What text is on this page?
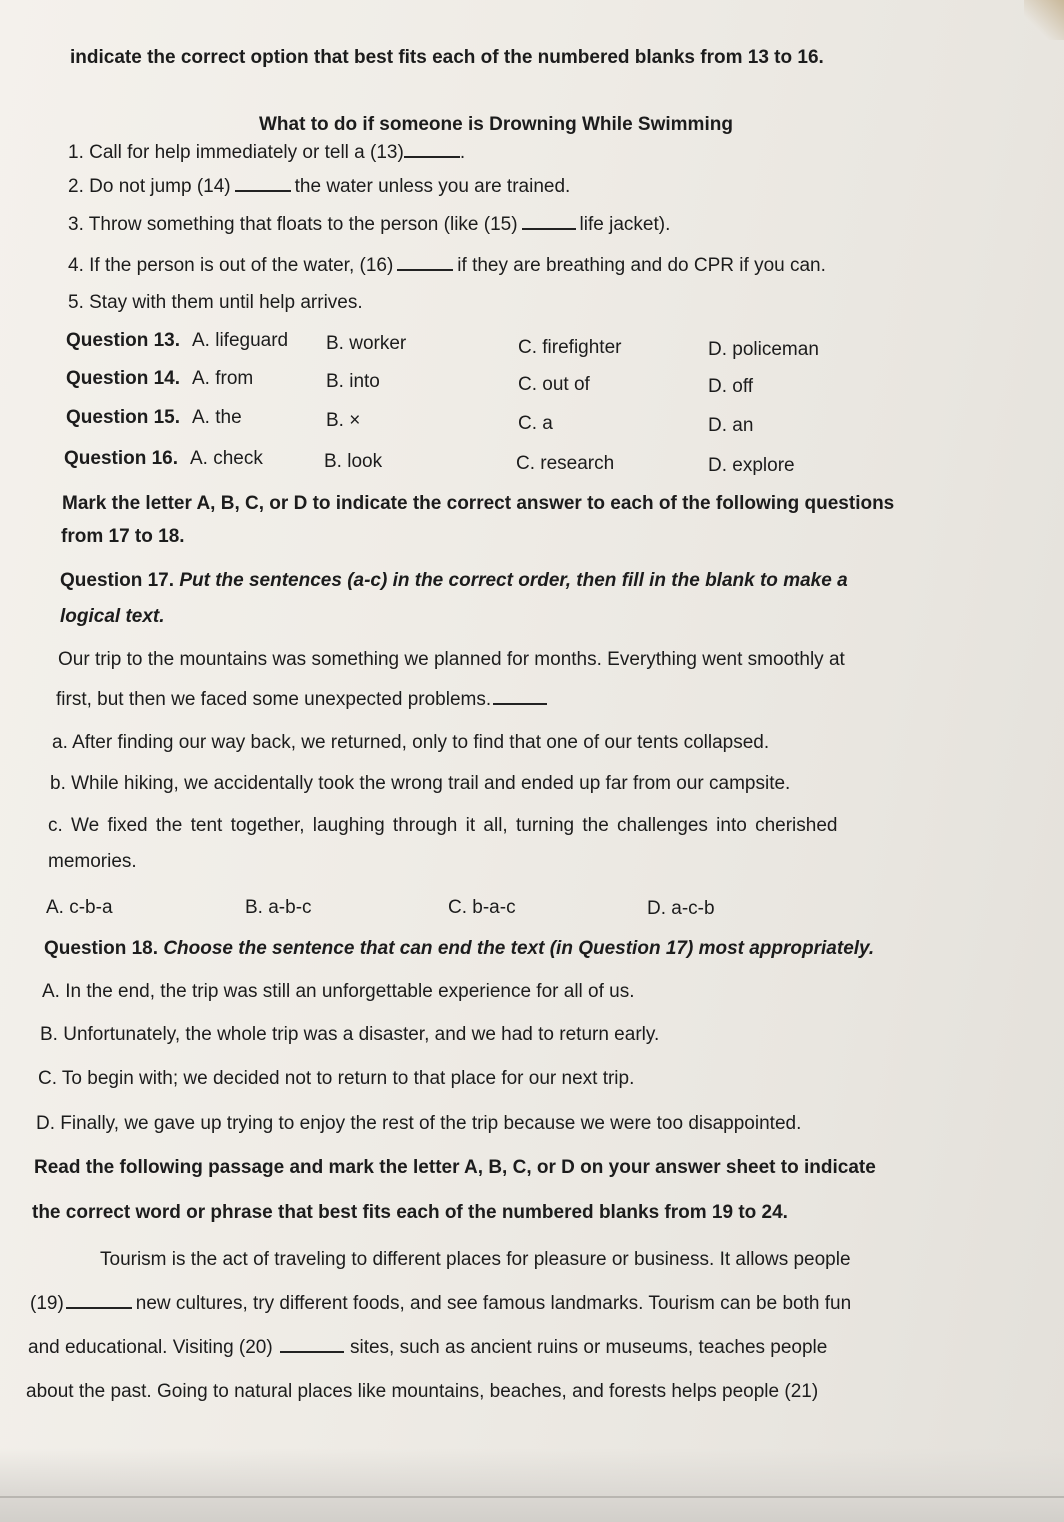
indicate the correct option that best fits each of the numbered blanks from 13 to 16.
What to do if someone is Drowning While Swimming
1. Call for help immediately or tell a (13)	.
2. Do not jump (14)	the water unless you are trained.
3. Throw something that floats to the person (like (15)	life jacket).
4. If the person is out of the water, (16)	if they are breathing and do CPR if you can.
5. Stay with them until help arrives.
Question 13. A. lifeguard B. worker	C. firefighter	D. policeman
Question 14. A. from	B. into	C. out of	D. off
Question 15. A. the	B. ×	C. a	D. an
Question 16. A. check	B. look	C. research	D. explore
Mark the letter A, B, C, or D to indicate the correct answer to each of the following questions
from 17 to 18.
Question 17. Put the sentences (a-c) in the correct order, then fill in the blank to make a
logical text.
Our trip to the mountains was something we planned for months. Everything went smoothly at
first, but then we faced some unexpected problems.
a. After finding our way back, we returned, only to find that one of our tents collapsed.
b. While hiking, we accidentally took the wrong trail and ended up far from our campsite.
c. We fixed the tent together, laughing through it all, turning the challenges into cherished
memories.
A. c-b-a	B. a-b-c	C. b-a-c	D. a-c-b
Question 18. Choose the sentence that can end the text (in Question 17) most appropriately.
A. In the end, the trip was still an unforgettable experience for all of us.
B. Unfortunately, the whole trip was a disaster, and we had to return early.
C. To begin with; we decided not to return to that place for our next trip.
D. Finally, we gave up trying to enjoy the rest of the trip because we were too disappointed.
Read the following passage and mark the letter A, B, C, or D on your answer sheet to indicate
the correct word or phrase that best fits each of the numbered blanks from 19 to 24.
Tourism is the act of traveling to different places for pleasure or business. It allows people
(19)	new cultures, try different foods, and see famous landmarks. Tourism can be both fun
and educational. Visiting (20)	sites, such as ancient ruins or museums, teaches people
about the past. Going to natural places like mountains, beaches, and forests helps people (21)
